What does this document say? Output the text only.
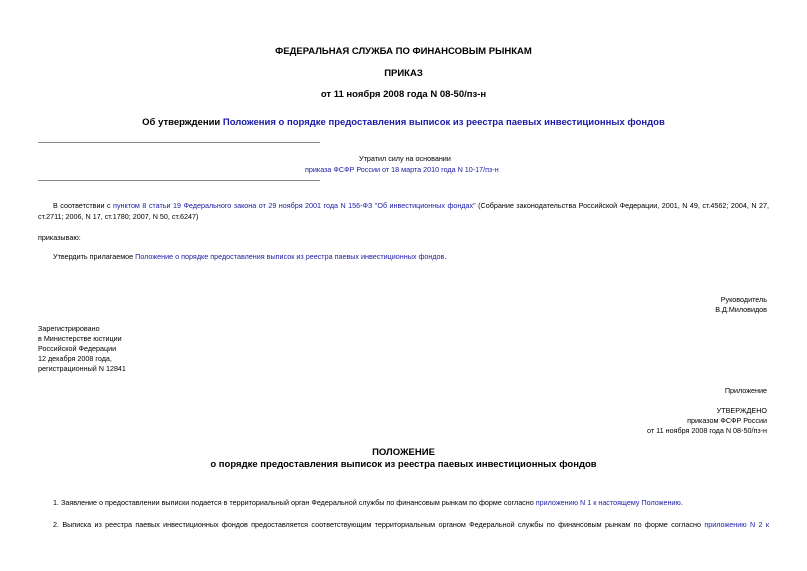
ФЕДЕРАЛЬНАЯ СЛУЖБА ПО ФИНАНСОВЫМ РЫНКАМ
ПРИКАЗ
от 11 ноября 2008 года N 08-50/пз-н
Об утверждении Положения о порядке предоставления выписок из реестра паевых инвестиционных фондов
Утратил силу на основании
приказа ФСФР России от 18 марта 2010 года N 10-17/пз-н
В соответствии с пунктом 8 статьи 19 Федерального закона от 29 ноября 2001 года N 156-ФЗ "Об инвестиционных фондах" (Собрание законодательства Российской Федерации, 2001, N 49, ст.4562; 2004, N 27,
ст.2711; 2006, N 17, ст.1780; 2007, N 50, ст.6247)
приказываю:
Утвердить прилагаемое Положение о порядке предоставления выписок из реестра паевых инвестиционных фондов.
Руководитель
В.Д.Миловидов
Зарегистрировано
в Министерстве юстиции
Российской Федерации
12 декабря 2008 года,
регистрационный N 12841
Приложение
УТВЕРЖДЕНО
приказом ФСФР России
от 11 ноября 2008 года N 08-50/пз-н
ПОЛОЖЕНИЕ
о порядке предоставления выписок из реестра паевых инвестиционных фондов
1. Заявление о предоставлении выписки подается в территориальный орган Федеральной службы по финансовым рынкам по форме согласно приложению N 1 к настоящему Положению.
2. Выписка из реестра паевых инвестиционных фондов предоставляется соответствующим территориальным органом Федеральной службы по финансовым рынкам по форме согласно приложению N 2 к
